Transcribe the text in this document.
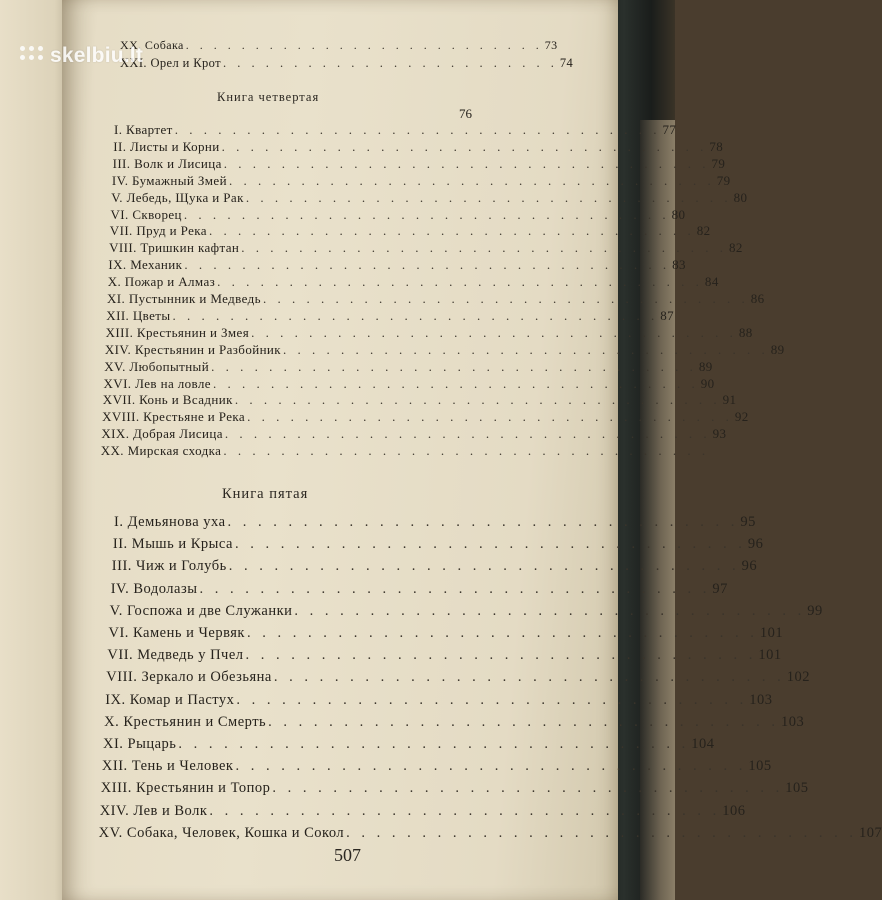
XX. Собака . . . . . . . . . . . . . . . . . . . . . . . . . . 73
XXI. Орел и Крот . . . . . . . . . . . . . . . . . . . . . . . . 74
Книга четвертая
76
I. Квартет . . . . . . . . . . . . . . . . . . . . . . . . . . . . . . . . . . 77
II. Листы и Корни . . . . . . . . . . . . . . . . . . . . . . . . . . . . . . . . . . 78
III. Волк и Лисица . . . . . . . . . . . . . . . . . . . . . . . . . . . . . . . . . . 79
IV. Бумажный Змей . . . . . . . . . . . . . . . . . . . . . . . . . . . . . . . . . . 79
V. Лебедь, Щука и Рак . . . . . . . . . . . . . . . . . . . . . . . . . . . . . . . . . . 80
VI. Скворец . . . . . . . . . . . . . . . . . . . . . . . . . . . . . . . . . . 80
VII. Пруд и Река . . . . . . . . . . . . . . . . . . . . . . . . . . . . . . . . . . 82
VIII. Тришкин кафтан . . . . . . . . . . . . . . . . . . . . . . . . . . . . . . . . . . 82
IX. Механик . . . . . . . . . . . . . . . . . . . . . . . . . . . . . . . . . . 83
X. Пожар и Алмаз . . . . . . . . . . . . . . . . . . . . . . . . . . . . . . . . . . 84
XI. Пустынник и Медведь . . . . . . . . . . . . . . . . . . . . . . . . . . . . . . . . . . 86
XII. Цветы . . . . . . . . . . . . . . . . . . . . . . . . . . . . . . . . . . 87
XIII. Крестьянин и Змея . . . . . . . . . . . . . . . . . . . . . . . . . . . . . . . . . . 88
XIV. Крестьянин и Разбойник . . . . . . . . . . . . . . . . . . . . . . . . . . . . . . . . . . 89
XV. Любопытный . . . . . . . . . . . . . . . . . . . . . . . . . . . . . . . . . . 89
XVI. Лев на ловле . . . . . . . . . . . . . . . . . . . . . . . . . . . . . . . . . . 90
XVII. Конь и Всадник . . . . . . . . . . . . . . . . . . . . . . . . . . . . . . . . . . 91
XVIII. Крестьяне и Река . . . . . . . . . . . . . . . . . . . . . . . . . . . . . . . . . . 92
XIX. Добрая Лисица . . . . . . . . . . . . . . . . . . . . . . . . . . . . . . . . . . 93
XX. Мирская сходка . . . . . . . . . . . . . . . . . . . . . . . . . . . . . . . . . .
Книга пятая
I. Демьянова уха . . . . . . . . . . . . . . . . . . . . . . . . . . . . . . . . . . 95
II. Мышь и Крыса . . . . . . . . . . . . . . . . . . . . . . . . . . . . . . . . . . 96
III. Чиж и Голубь . . . . . . . . . . . . . . . . . . . . . . . . . . . . . . . . . . 96
IV. Водолазы . . . . . . . . . . . . . . . . . . . . . . . . . . . . . . . . . . 97
V. Госпожа и две Служанки . . . . . . . . . . . . . . . . . . . . . . . . . . . . . . . . . . 99
VI. Камень и Червяк . . . . . . . . . . . . . . . . . . . . . . . . . . . . . . . . . . 101
VII. Медведь у Пчел . . . . . . . . . . . . . . . . . . . . . . . . . . . . . . . . . . 101
VIII. Зеркало и Обезьяна . . . . . . . . . . . . . . . . . . . . . . . . . . . . . . . . . . 102
IX. Комар и Пастух . . . . . . . . . . . . . . . . . . . . . . . . . . . . . . . . . . 103
X. Крестьянин и Смерть . . . . . . . . . . . . . . . . . . . . . . . . . . . . . . . . . . 103
XI. Рыцарь . . . . . . . . . . . . . . . . . . . . . . . . . . . . . . . . . . 104
XII. Тень и Человек . . . . . . . . . . . . . . . . . . . . . . . . . . . . . . . . . . 105
XIII. Крестьянин и Топор . . . . . . . . . . . . . . . . . . . . . . . . . . . . . . . . . . 105
XIV. Лев и Волк . . . . . . . . . . . . . . . . . . . . . . . . . . . . . . . . . . 106
XV. Собака, Человек, Кошка и Сокол . . . . . . . . . . . . . . . . . . . . . . . . . . . . . . . . . . 107
507
skelbiu.lt
